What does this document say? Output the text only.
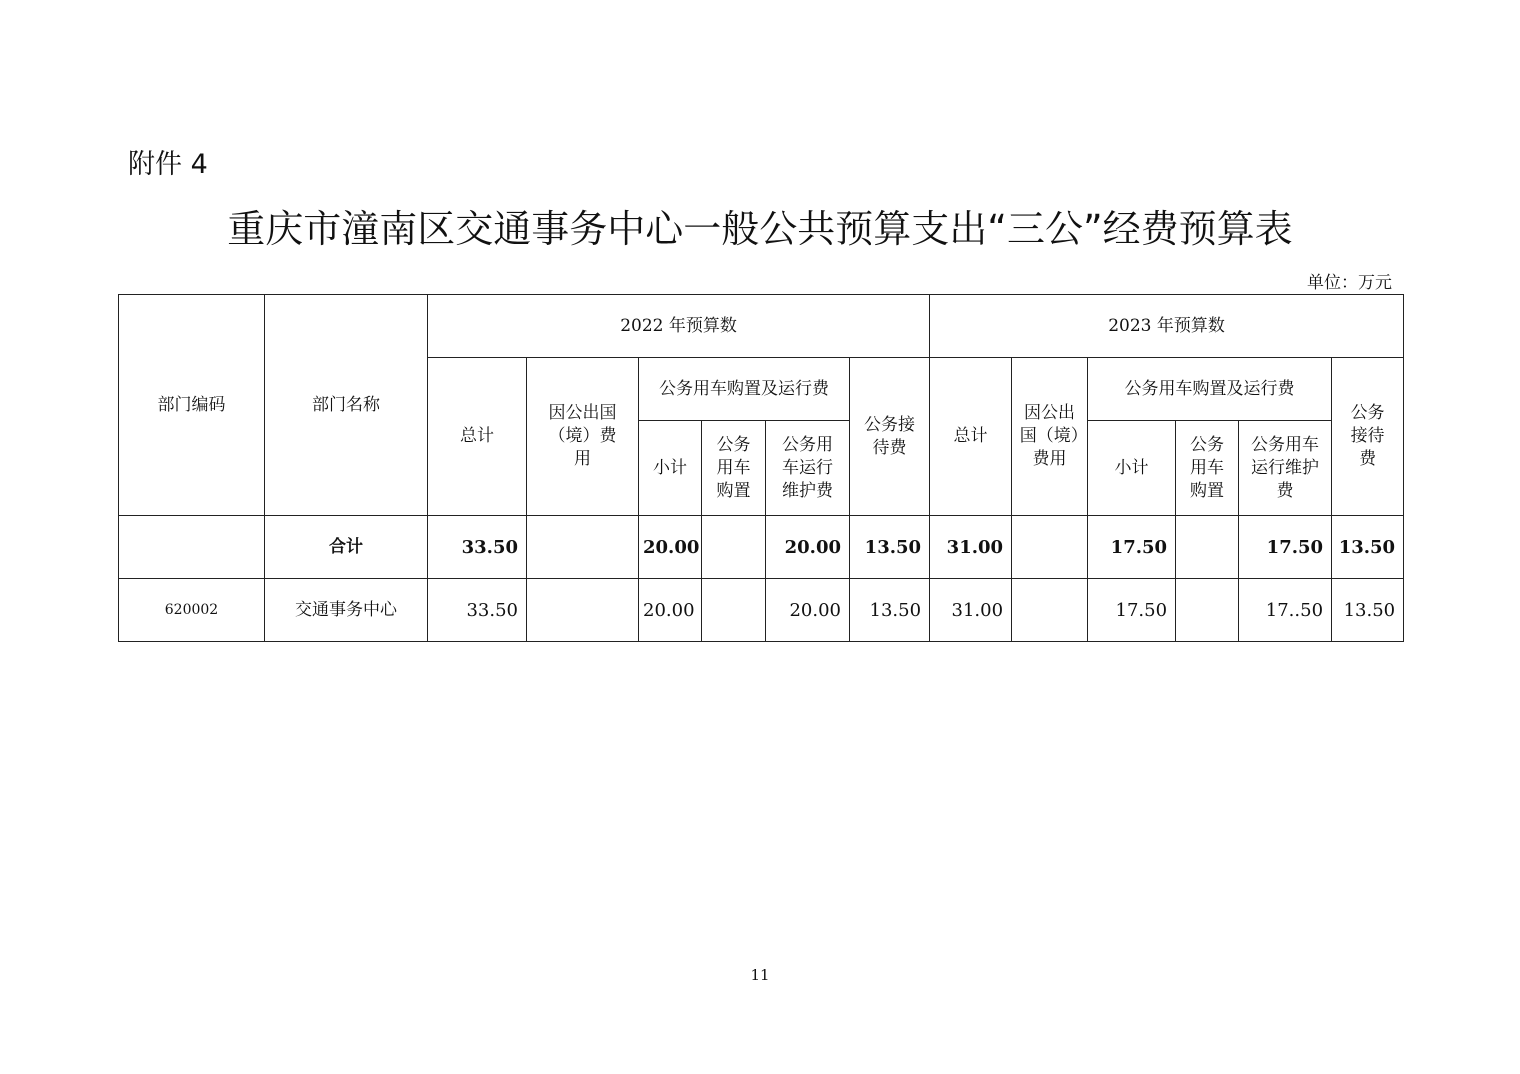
附件 4
重庆市潼南区交通事务中心一般公共预算支出“三公”经费预算表
单位：万元
部门编码	部门名称	2022 年预算数						2023 年预算数					
		总计	因公出国（境）费用	公务用车购置及运行费			公务接待费	总计	因公出国（境）费用	公务用车购置及运行费			公务接待费
				小计	公务用车购置	公务用车运行维护费				小计	公务用车购置	公务用车运行维护费	
	合计	33.50		20.00		20.00	13.50	31.00		17.50		17.50	13.50
620002	交通事务中心	33.50		20.00		20.00	13.50	31.00		17.50		17..50	13.50
11
